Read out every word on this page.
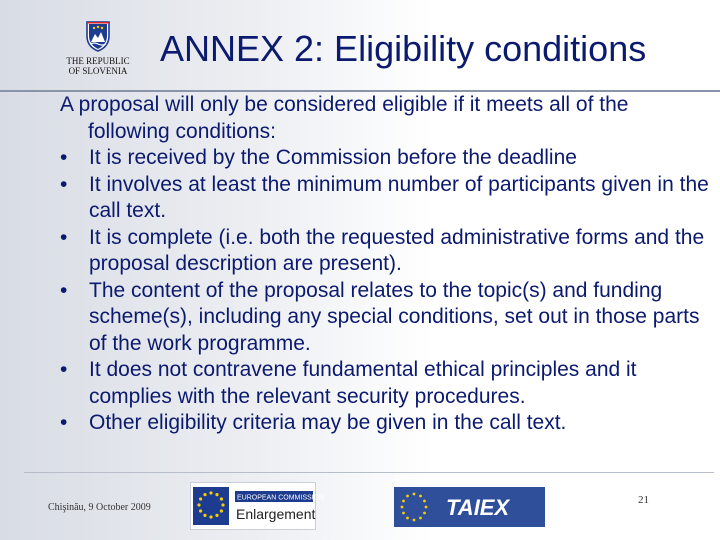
THE REPUBLIC OF SLOVENIA
ANNEX 2: Eligibility conditions

A proposal will only be considered eligible if it meets all of the following conditions:

•	It is received by the Commission before the deadline
•	It involves at least the minimum number of participants given in the call text.
•	It is complete (i.e. both the requested administrative forms and the proposal description are present).
•	The content of the proposal relates to the topic(s) and funding scheme(s), including any special conditions, set out in those parts of the work programme.
•	It does not contravene fundamental ethical principles and it complies with the relevant security procedures.
•	Other eligibility criteria may be given in the call text.
Chişinău, 9 October 2009
EUROPEAN COMMISSION
Enlargement	TAIEX	21
